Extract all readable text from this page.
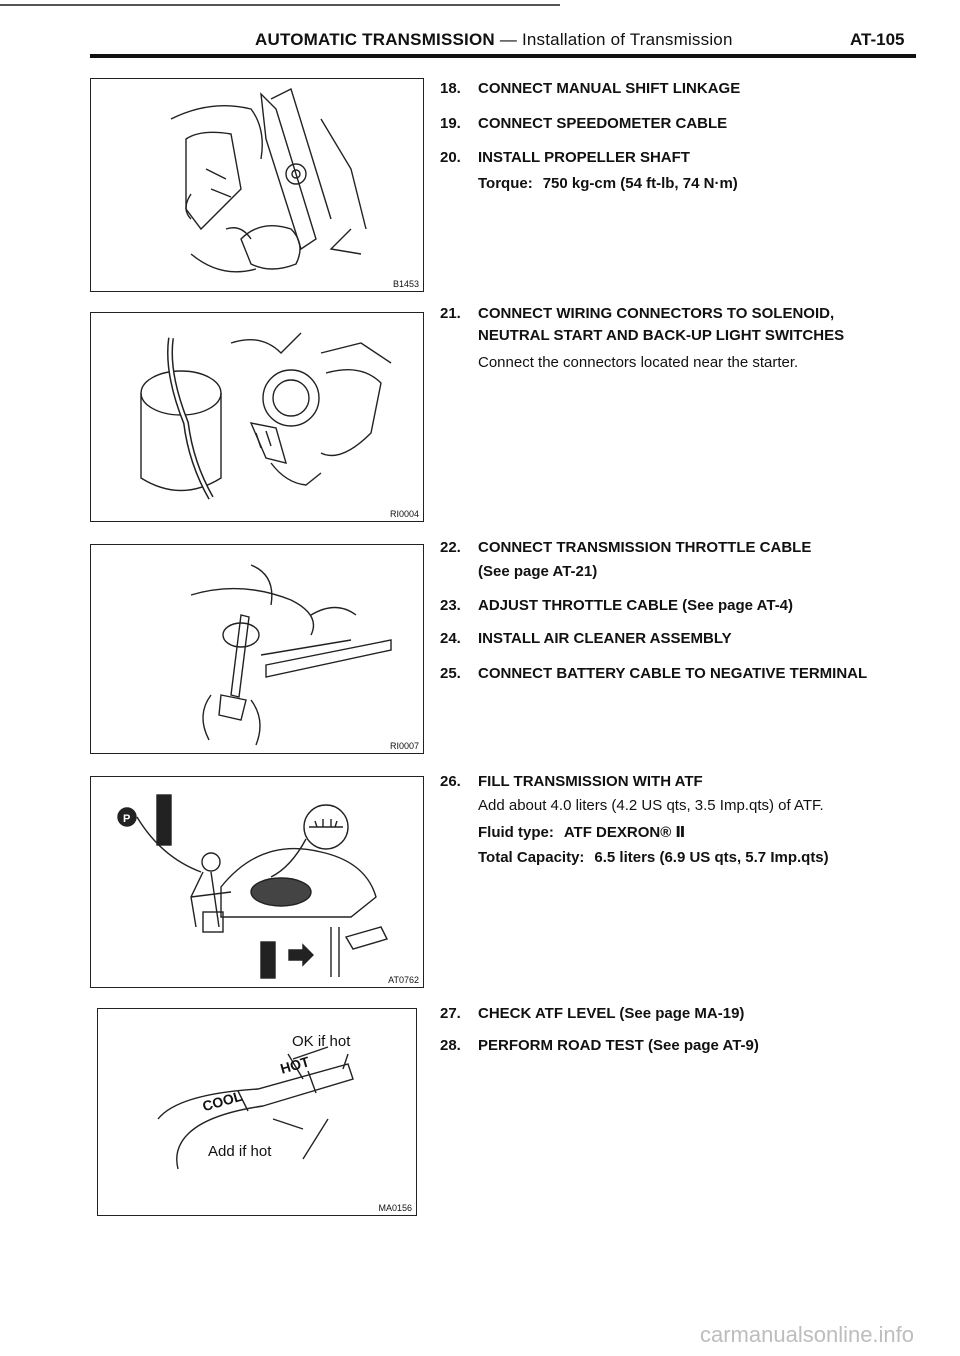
AUTOMATIC TRANSMISSION — Installation of Transmission	AT-105
B1453
RI0004
RI0007
P
AT0762
OK if hot
Add if hot
COOL
HOT
MA0156
18. CONNECT MANUAL SHIFT LINKAGE
19. CONNECT SPEEDOMETER CABLE
20. INSTALL PROPELLER SHAFT
Torque: 750 kg-cm (54 ft-lb, 74 N·m)
21. CONNECT WIRING CONNECTORS TO SOLENOID,
NEUTRAL START AND BACK-UP LIGHT SWITCHES
Connect the connectors located near the starter.
22. CONNECT TRANSMISSION THROTTLE CABLE
(See page AT-21)
23. ADJUST THROTTLE CABLE (See page AT-4)
24. INSTALL AIR CLEANER ASSEMBLY
25. CONNECT BATTERY CABLE TO NEGATIVE TERMINAL
26. FILL TRANSMISSION WITH ATF
Add about 4.0 liters (4.2 US qts, 3.5 Imp.qts) of ATF.
Fluid type: ATF DEXRON® Ⅱ
Total Capacity: 6.5 liters (6.9 US qts, 5.7 Imp.qts)
27. CHECK ATF LEVEL (See page MA-19)
28. PERFORM ROAD TEST (See page AT-9)
carmanualsonline.info
